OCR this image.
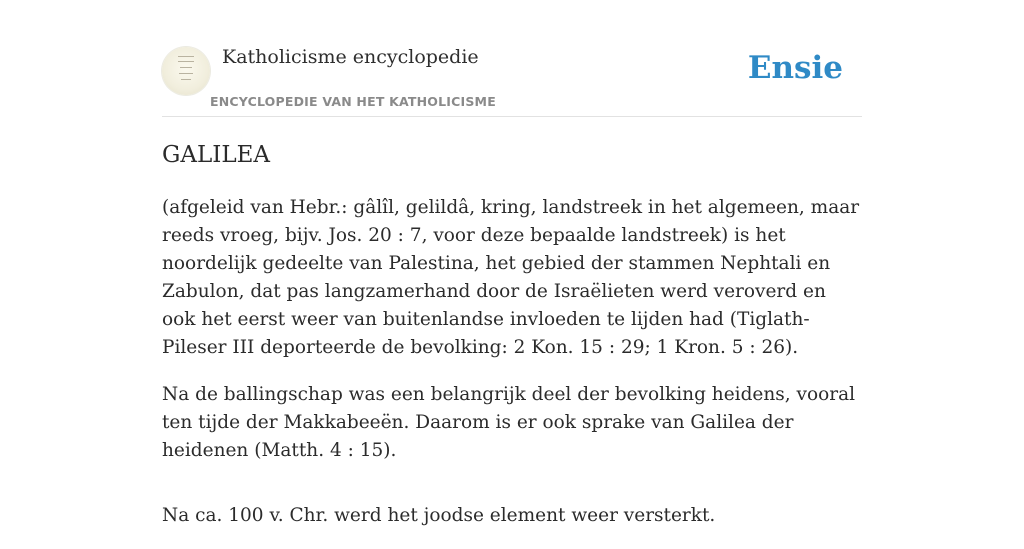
Katholicisme encyclopedie
ENCYCLOPEDIE VAN HET KATHOLICISME
Ensie
GALILEA

(afgeleid van Hebr.: gâlîl, gelildâ, kring, landstreek in het algemeen, maar reeds vroeg, bijv. Jos. 20 : 7, voor deze bepaalde landstreek) is het noordelijk gedeelte van Palestina, het gebied der stammen Nephtali en Zabulon, dat pas langzamerhand door de Israëlieten werd veroverd en ook het eerst weer van buitenlandse invloeden te lijden had (Tiglath-Pileser III deporteerde de bevolking: 2 Kon. 15 : 29; 1 Kron. 5 : 26).

Na de ballingschap was een belangrijk deel der bevolking heidens, vooral ten tijde der Makkabeeën. Daarom is er ook sprake van Galilea der heidenen (Matth. 4 : 15).

Na ca. 100 v. Chr. werd het joodse element weer versterkt.
